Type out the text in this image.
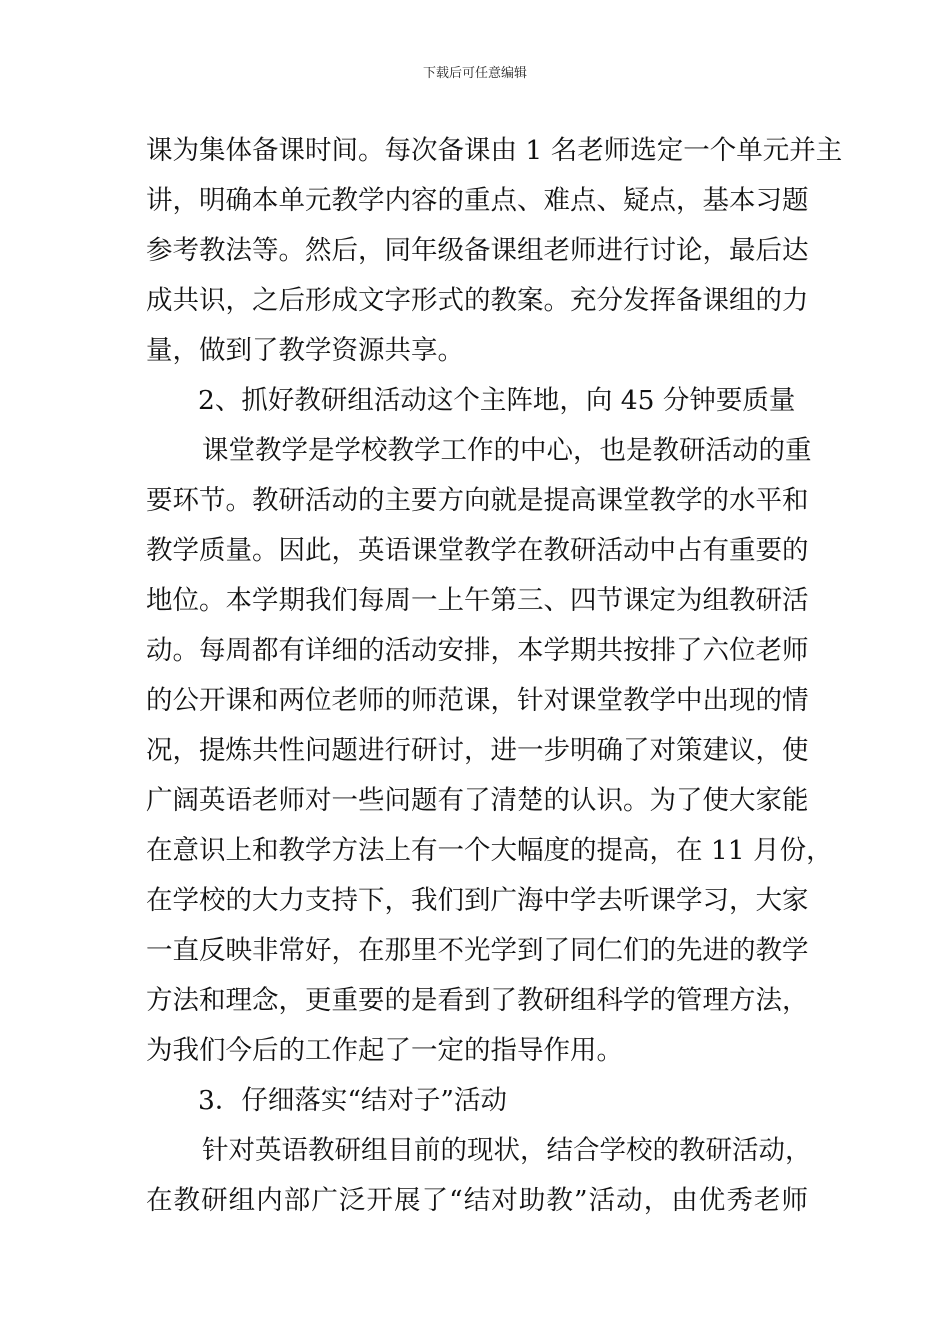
下载后可任意编辑
课为集体备课时间。每次备课由 1 名老师选定一个单元并主
讲，明确本单元教学内容的重点、难点、疑点，基本习题
参考教法等。然后，同年级备课组老师进行讨论，最后达
成共识，之后形成文字形式的教案。充分发挥备课组的力
量，做到了教学资源共享。
2、抓好教研组活动这个主阵地，向 45 分钟要质量
课堂教学是学校教学工作的中心，也是教研活动的重
要环节。教研活动的主要方向就是提高课堂教学的水平和
教学质量。因此，英语课堂教学在教研活动中占有重要的
地位。本学期我们每周一上午第三、四节课定为组教研活
动。每周都有详细的活动安排，本学期共按排了六位老师
的公开课和两位老师的师范课，针对课堂教学中出现的情
况，提炼共性问题进行研讨，进一步明确了对策建议，使
广阔英语老师对一些问题有了清楚的认识。为了使大家能
在意识上和教学方法上有一个大幅度的提高，在 11 月份，
在学校的大力支持下，我们到广海中学去听课学习，大家
一直反映非常好，在那里不光学到了同仁们的先进的教学
方法和理念，更重要的是看到了教研组科学的管理方法，
为我们今后的工作起了一定的指导作用。
3．仔细落实“结对子”活动
针对英语教研组目前的现状，结合学校的教研活动，
在教研组内部广泛开展了“结对助教”活动，由优秀老师
